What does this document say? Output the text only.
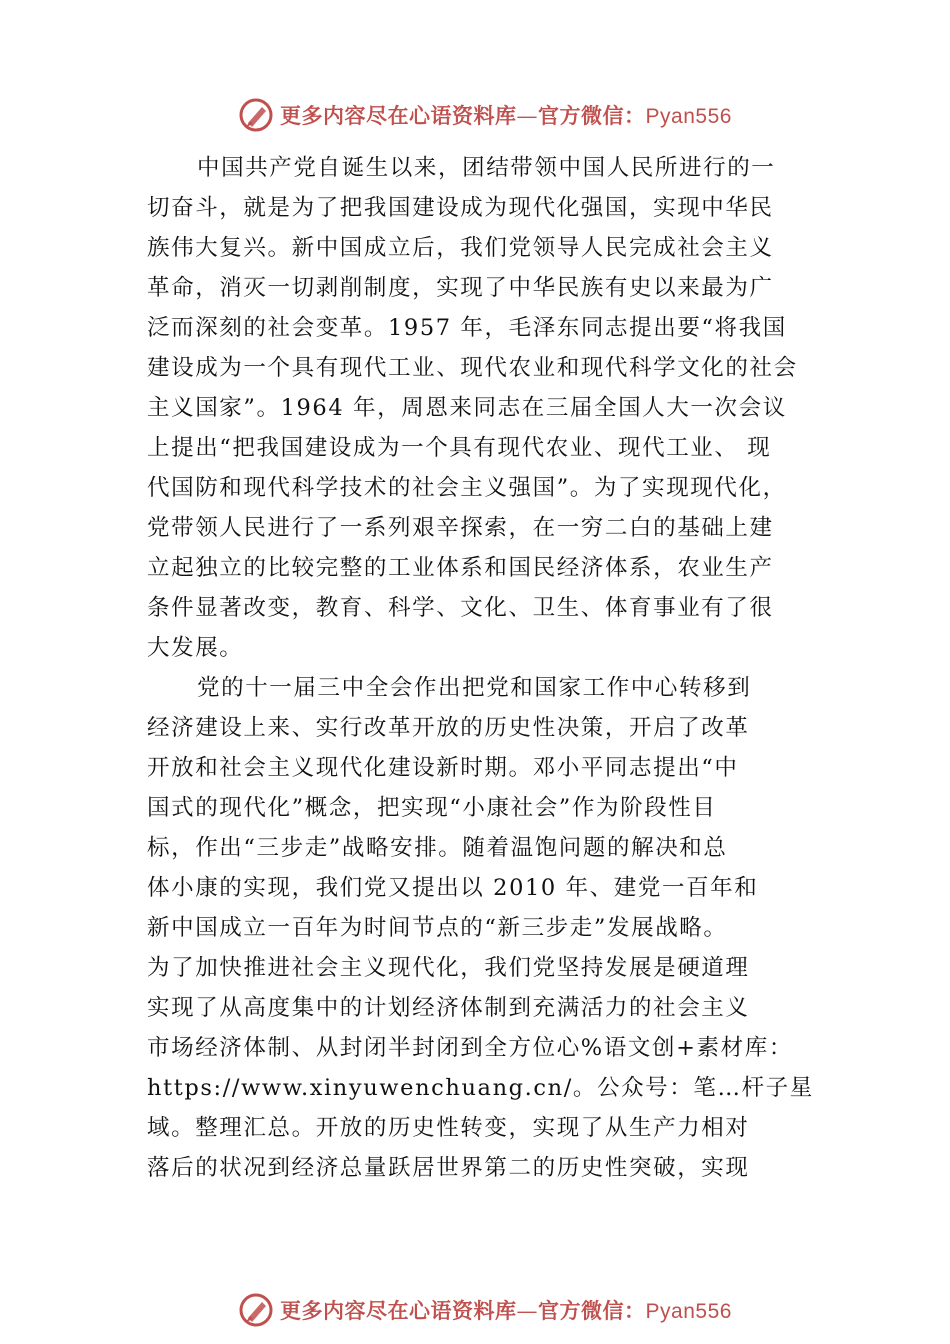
更多内容尽在心语资料库—官方微信：Pyan556
中国共产党自诞生以来，团结带领中国人民所进行的一
切奋斗，就是为了把我国建设成为现代化强国，实现中华民
族伟大复兴。新中国成立后，我们党领导人民完成社会主义
革命，消灭一切剥削制度，实现了中华民族有史以来最为广
泛而深刻的社会变革。1957 年，毛泽东同志提出要“将我国
建设成为一个具有现代工业、现代农业和现代科学文化的社会
主义国家”。1964 年，周恩来同志在三届全国人大一次会议
上提出“把我国建设成为一个具有现代农业、现代工业、 现
代国防和现代科学技术的社会主义强国”。为了实现现代化，
党带领人民进行了一系列艰辛探索，在一穷二白的基础上建
立起独立的比较完整的工业体系和国民经济体系，农业生产
条件显著改变，教育、科学、文化、卫生、体育事业有了很
大发展。
党的十一届三中全会作出把党和国家工作中心转移到
经济建设上来、实行改革开放的历史性决策，开启了改革
开放和社会主义现代化建设新时期。邓小平同志提出“中
国式的现代化”概念，把实现“小康社会”作为阶段性目
标，作出“三步走”战略安排。随着温饱问题的解决和总
体小康的实现，我们党又提出以 2010 年、建党一百年和
新中国成立一百年为时间节点的“新三步走”发展战略。
为了加快推进社会主义现代化，我们党坚持发展是硬道理
实现了从高度集中的计划经济体制到充满活力的社会主义
市场经济体制、从封闭半封闭到全方位心%语文创+素材库：
https://www.xinyuwenchuang.cn/。公众号：笔…杆子星
域。整理汇总。开放的历史性转变，实现了从生产力相对
落后的状况到经济总量跃居世界第二的历史性突破，实现
更多内容尽在心语资料库—官方微信：Pyan556
